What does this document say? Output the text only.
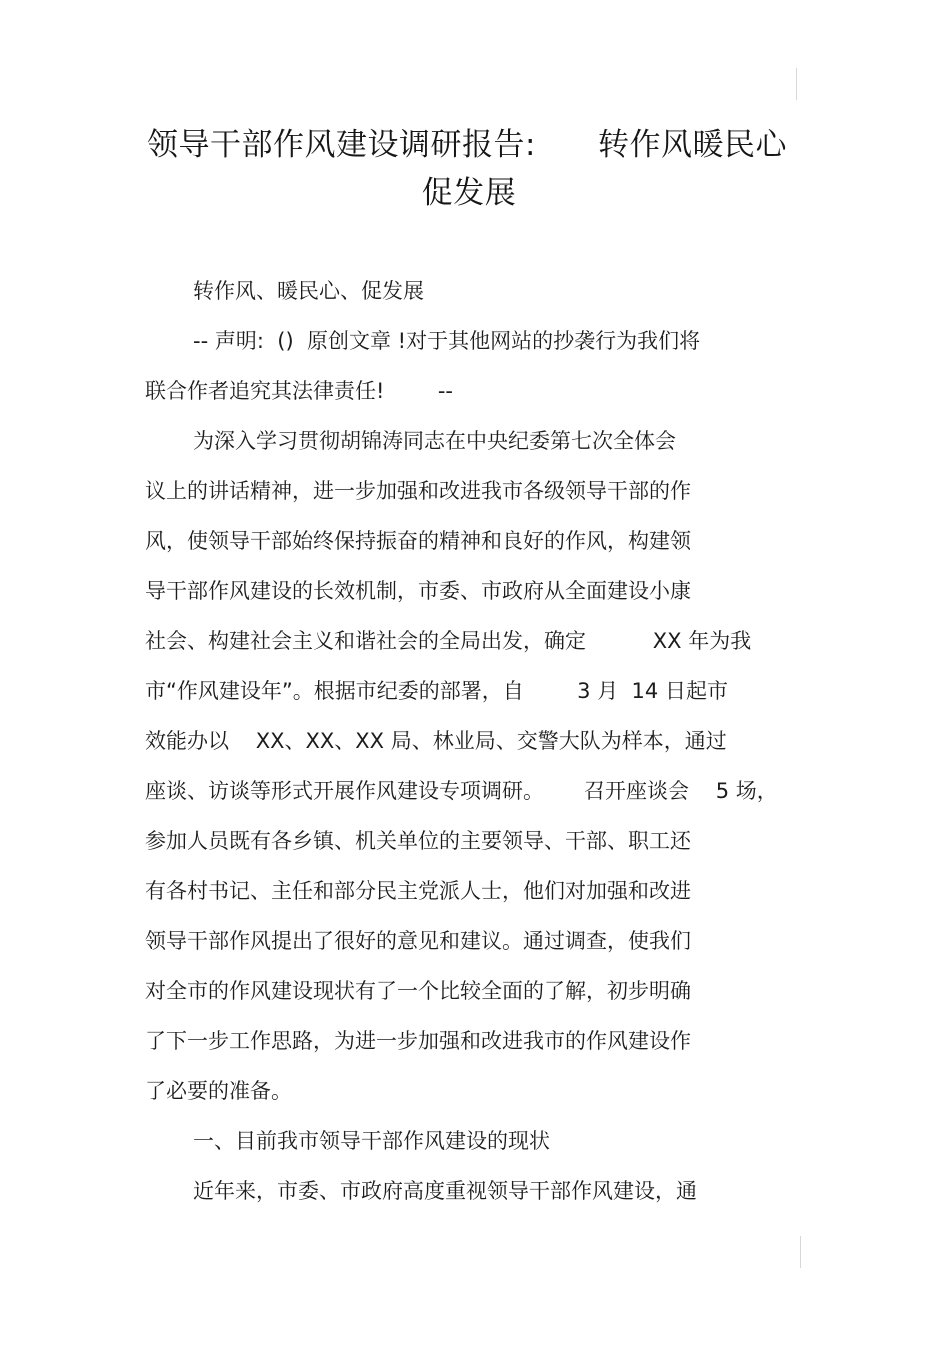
领导干部作风建设调研报告:      转作风暖民心
促发展
转作风、暖民心、促发展
-- 声明:  ()  原创文章 !对于其他网站的抄袭行为我们将
联合作者追究其法律责任!        --
为深入学习贯彻胡锦涛同志在中央纪委第七次全体会
议上的讲话精神，进一步加强和改进我市各级领导干部的作
风，使领导干部始终保持振奋的精神和良好的作风，构建领
导干部作风建设的长效机制，市委、市政府从全面建设小康
社会、构建社会主义和谐社会的全局出发，确定          XX 年为我
市“作风建设年”。根据市纪委的部署，自        3 月  14 日起市
效能办以    XX、XX、XX 局、林业局、交警大队为样本，通过
座谈、访谈等形式开展作风建设专项调研。      召开座谈会    5 场，
参加人员既有各乡镇、机关单位的主要领导、干部、职工还
有各村书记、主任和部分民主党派人士，他们对加强和改进
领导干部作风提出了很好的意见和建议。通过调查，使我们
对全市的作风建设现状有了一个比较全面的了解，初步明确
了下一步工作思路，为进一步加强和改进我市的作风建设作
了必要的准备。
一、目前我市领导干部作风建设的现状
近年来，市委、市政府高度重视领导干部作风建设，通
